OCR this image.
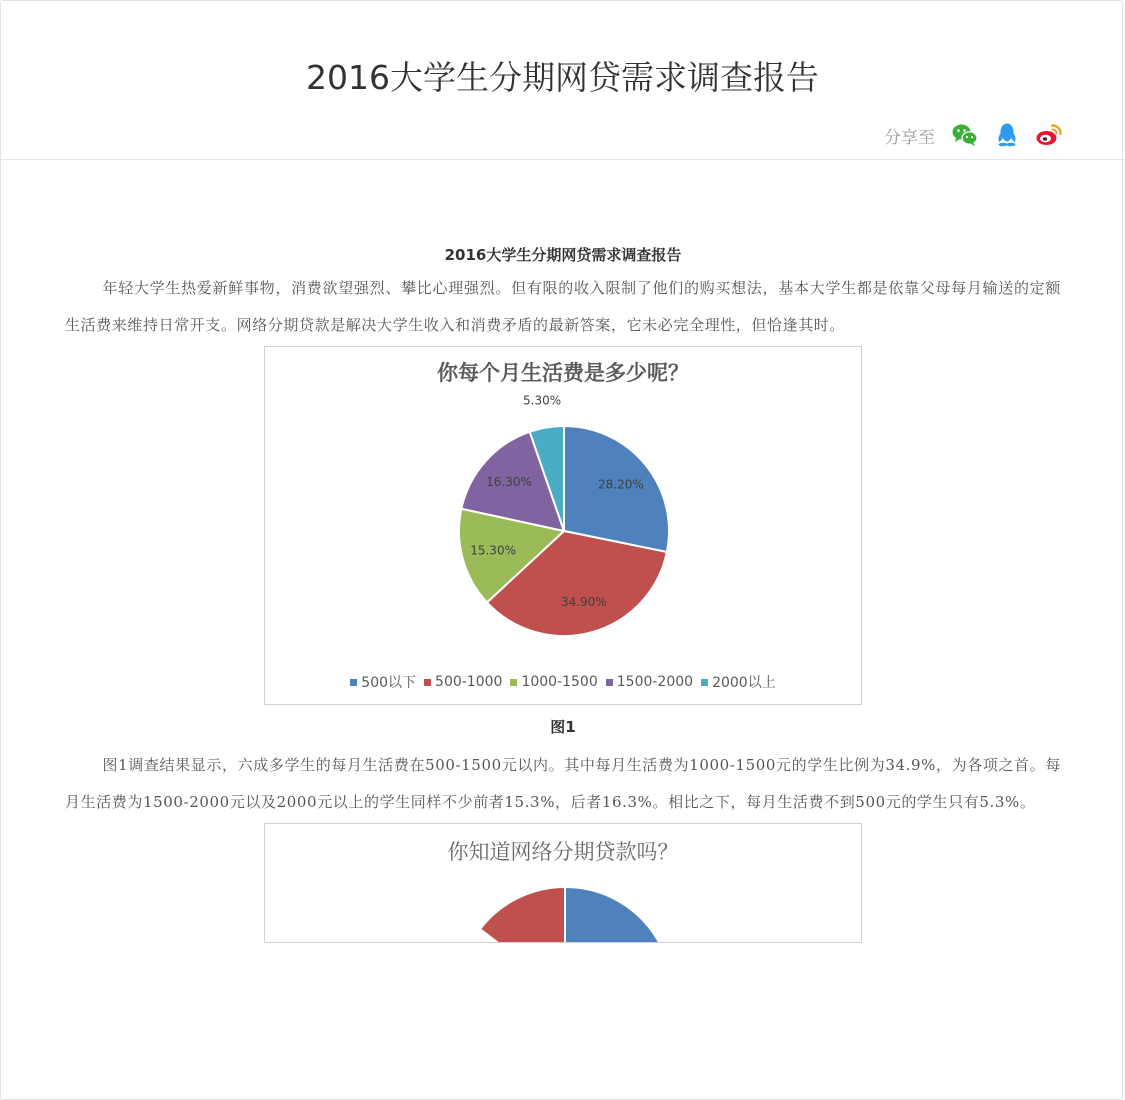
2016大学生分期网贷需求调查报告
分享至
2016大学生分期网贷需求调查报告

年轻大学生热爱新鲜事物，消费欲望强烈、攀比心理强烈。但有限的收入限制了他们的购买想法，基本大学生都是依靠父母每月输送的定额生活费来维持日常开支。网络分期贷款是解决大学生收入和消费矛盾的最新答案，它未必完全理性，但恰逢其时。

你每个月生活费是多少呢？
28.20%
34.90%
15.30%
16.30%
5.30%
500以下 500-1000 1000-1500 1500-2000 2000以上
图1

图1调查结果显示，六成多学生的每月生活费在500-1500元以内。其中每月生活费为1000-1500元的学生比例为34.9%，为各项之首。每月生活费为1500-2000元以及2000元以上的学生同样不少前者15.3%，后者16.3%。相比之下，每月生活费不到500元的学生只有5.3%。

你知道网络分期贷款吗？
